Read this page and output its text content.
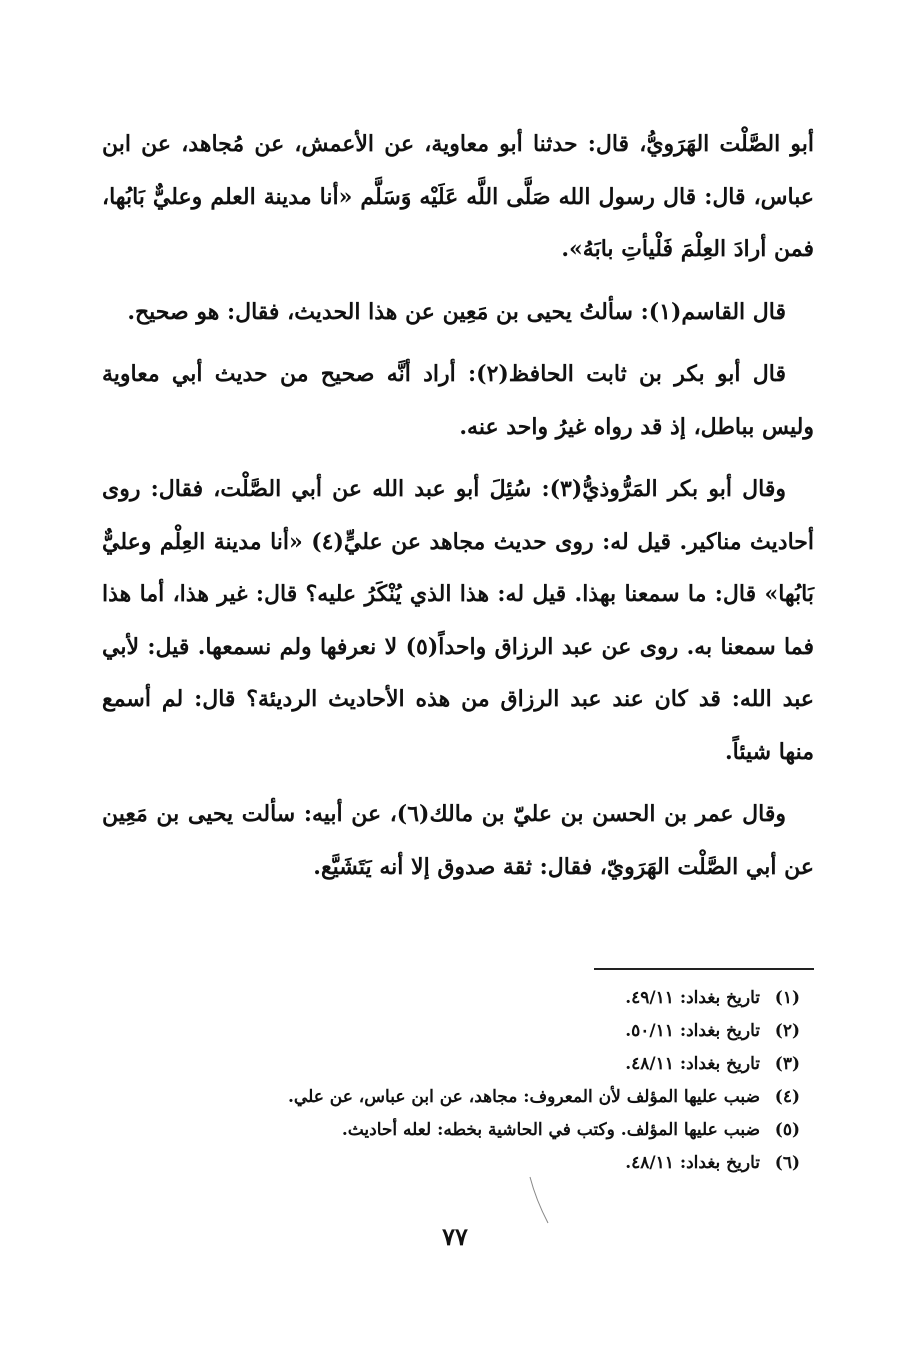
أبو الصَّلْت الهَرَويُّ، قال: حدثنا أبو معاوية، عن الأعمش، عن مُجاهد، عن ابن عباس، قال: قال رسول الله صَلَّى اللَّه عَلَيْه وَسَلَّم «أنا مدينة العلم وعليٌّ بَابُها، فمن أرادَ العِلْمَ فَلْيأتِ بابَهُ».

قال القاسم(١): سألتُ يحيى بن مَعِين عن هذا الحديث، فقال: هو صحيح.

قال أبو بكر بن ثابت الحافظ(٢): أراد أنَّه صحيح من حديث أبي معاوية وليس بباطل، إذ قد رواه غيرُ واحد عنه.

وقال أبو بكر المَرُّوذيُّ(٣): سُئِلَ أبو عبد الله عن أبي الصَّلْت، فقال: روى أحاديث مناكير. قيل له: روى حديث مجاهد عن عليٍّ(٤) «أنا مدينة العِلْم وعليٌّ بَابُها» قال: ما سمعنا بهذا. قيل له: هذا الذي يُنْكَرُ عليه؟ قال: غير هذا، أما هذا فما سمعنا به. روى عن عبد الرزاق واحداً(٥) لا نعرفها ولم نسمعها. قيل: لأبي عبد الله: قد كان عند عبد الرزاق من هذه الأحاديث الرديئة؟ قال: لم أسمع منها شيئاً.

وقال عمر بن الحسن بن عليّ بن مالك(٦)، عن أبيه: سألت يحيى بن مَعِين عن أبي الصَّلْت الهَرَويّ، فقال: ثقة صدوق إلا أنه يَتَشَيَّع.

(١)
تاريخ بغداد: ٤٩/١١.
(٢)
تاريخ بغداد: ٥٠/١١.
(٣)
تاريخ بغداد: ٤٨/١١.
(٤)
ضبب عليها المؤلف لأن المعروف: مجاهد، عن ابن عباس، عن علي.
(٥)
ضبب عليها المؤلف. وكتب في الحاشية بخطه: لعله أحاديث.
(٦)
تاريخ بغداد: ٤٨/١١.
٧٧
